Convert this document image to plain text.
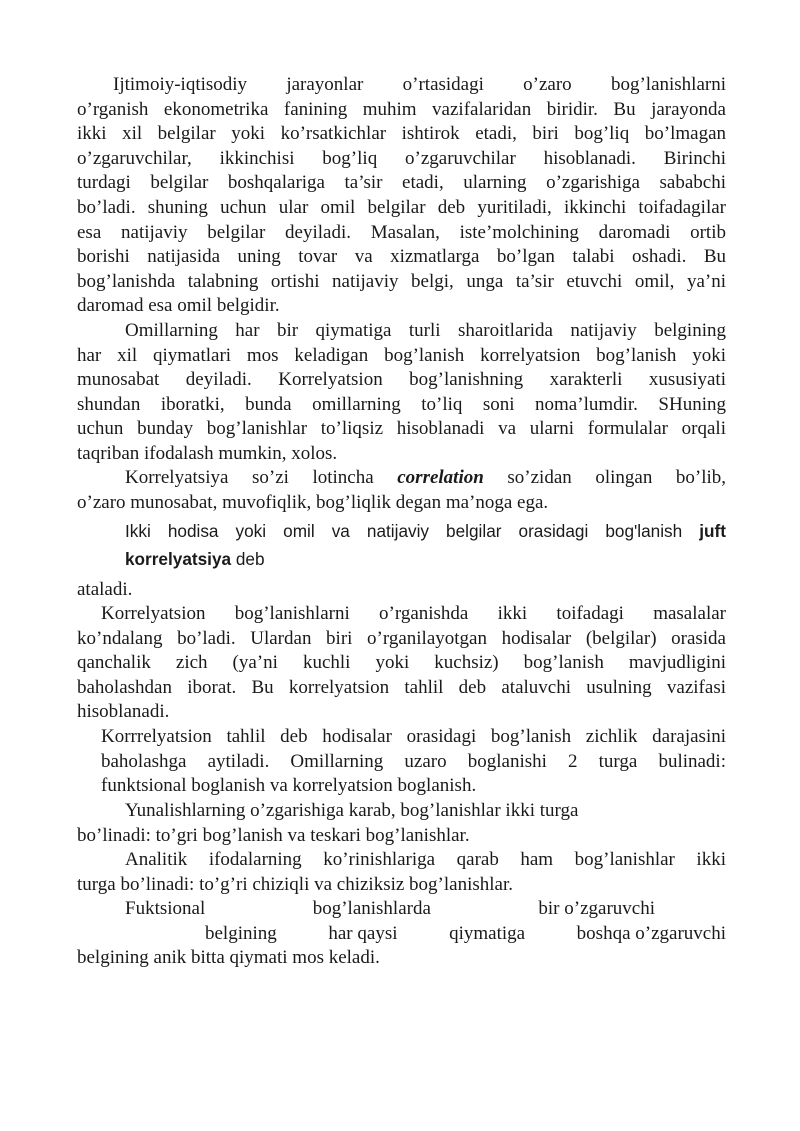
Ijtimoiy-iqtisodiy jarayonlar o’rtasidagi o’zaro bog’lanishlarni

o’rganish ekonometrika fanining muhim vazifalaridan biridir. Bu jarayonda

ikki xil belgilar yoki ko’rsatkichlar ishtirok etadi, biri bog’liq bo’lmagan

o’zgaruvchilar, ikkinchisi bog’liq o’zgaruvchilar hisoblanadi. Birinchi

turdagi belgilar boshqalariga ta’sir etadi, ularning o’zgarishiga sababchi

bo’ladi. shuning uchun ular omil belgilar deb yuritiladi, ikkinchi toifadagilar

esa natijaviy belgilar deyiladi. Masalan, iste’molchining daromadi ortib

borishi natijasida uning tovar va xizmatlarga bo’lgan talabi oshadi. Bu

bog’lanishda talabning ortishi natijaviy belgi, unga ta’sir etuvchi omil, ya’ni

daromad esa omil belgidir.

Omillarning har bir qiymatiga turli sharoitlarida natijaviy belgining

har xil qiymatlari mos keladigan bog’lanish korrelyatsion bog’lanish yoki

munosabat deyiladi. Korrelyatsion bog’lanishning xarakterli xususiyati

shundan iboratki, bunda omillarning to’liq soni noma’lumdir. SHuning

uchun bunday bog’lanishlar to’liqsiz hisoblanadi va ularni formulalar orqali

taqriban ifodalash mumkin, xolos.

Korrelyatsiya so’zi lotincha correlation so’zidan olingan bo’lib,

o’zaro munosabat, muvofiqlik, bog’liqlik degan ma’noga ega.

Ikki hodisa yoki omil va natijaviy belgilar orasidagi bog'lanish juft

korrelyatsiya deb

ataladi.

Korrelyatsion bog’lanishlarni o’rganishda ikki toifadagi masalalar

ko’ndalang bo’ladi. Ulardan biri o’rganilayotgan hodisalar (belgilar) orasida

qanchalik zich (ya’ni kuchli yoki kuchsiz) bog’lanish mavjudligini

baholashdan iborat. Bu korrelyatsion tahlil deb ataluvchi usulning vazifasi

hisoblanadi.

Korrrelyatsion tahlil deb hodisalar orasidagi bog’lanish zichlik darajasini

baholashga aytiladi. Omillarning uzaro boglanishi 2 turga bulinadi:

funktsional boglanish va korrelyatsion boglanish.

Yunalishlarning o’zgarishiga karab, bog’lanishlar ikki turga
bo’linadi: to’gri bog’lanish va teskari bog’lanishlar.

Analitik ifodalarning ko’rinishlariga qarab ham bog’lanishlar ikki

turga bo’linadi: to’g’ri chiziqli va chiziksiz bog’lanishlar.

Fuktsional	bog’lanishlarda	bir o’zgaruvchi
belgining	har qaysi	qiymatiga	boshqa o’zgaruvchi
belgining anik bitta qiymati mos keladi.
